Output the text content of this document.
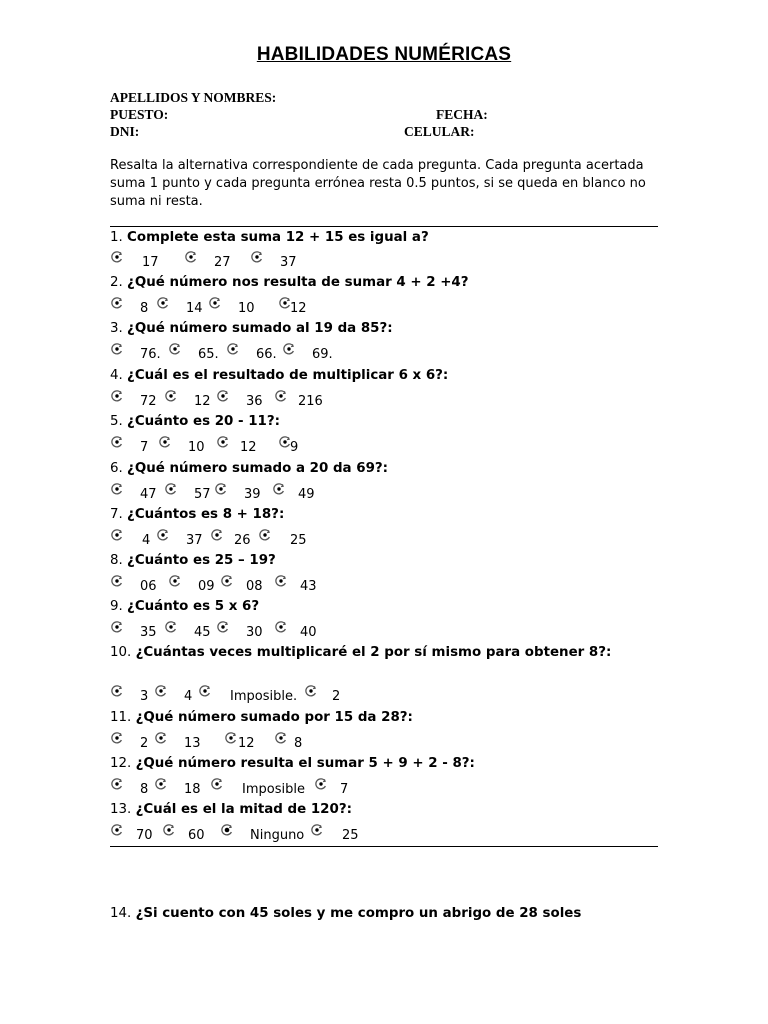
HABILIDADES NUMÉRICAS
APELLIDOS Y NOMBRES:
PUESTO:	FECHA:
DNI:	CELULAR:
Resalta la alternativa correspondiente de cada pregunta. Cada pregunta acertada suma 1 punto y cada pregunta errónea resta 0.5 puntos, si se queda en blanco no suma ni resta.
1. Complete esta suma 12 + 15 es igual a?
17	27	37
2. ¿Qué número nos resulta de sumar 4 + 2 +4?
8	14	10	12
3. ¿Qué número sumado al 19 da 85?:
76.	65.	66.	69.
4. ¿Cuál es el resultado de multiplicar 6 x 6?:
72	12	36	216
5. ¿Cuánto es 20 - 11?:
7	10	12	9
6. ¿Qué número sumado a 20 da 69?:
47	57	39	49
7. ¿Cuántos es 8 + 18?:
4	37 26	25
8. ¿Cuánto es 25 – 19?
06	09 08	43
9. ¿Cuánto es 5 x 6?
35	45	30	40
10. ¿Cuántas veces multiplicaré el 2 por sí mismo para obtener 8?:
3	4	Imposible.	2
11. ¿Qué número sumado por 15 da 28?:
2	13	12	8
12. ¿Qué número resulta el sumar 5 + 9 + 2 - 8?:
8	18	Imposible	7
13. ¿Cuál es el la mitad de 120?:
70	60	Ninguno	25
14. ¿Si cuento con 45 soles y me compro un abrigo de 28 soles
